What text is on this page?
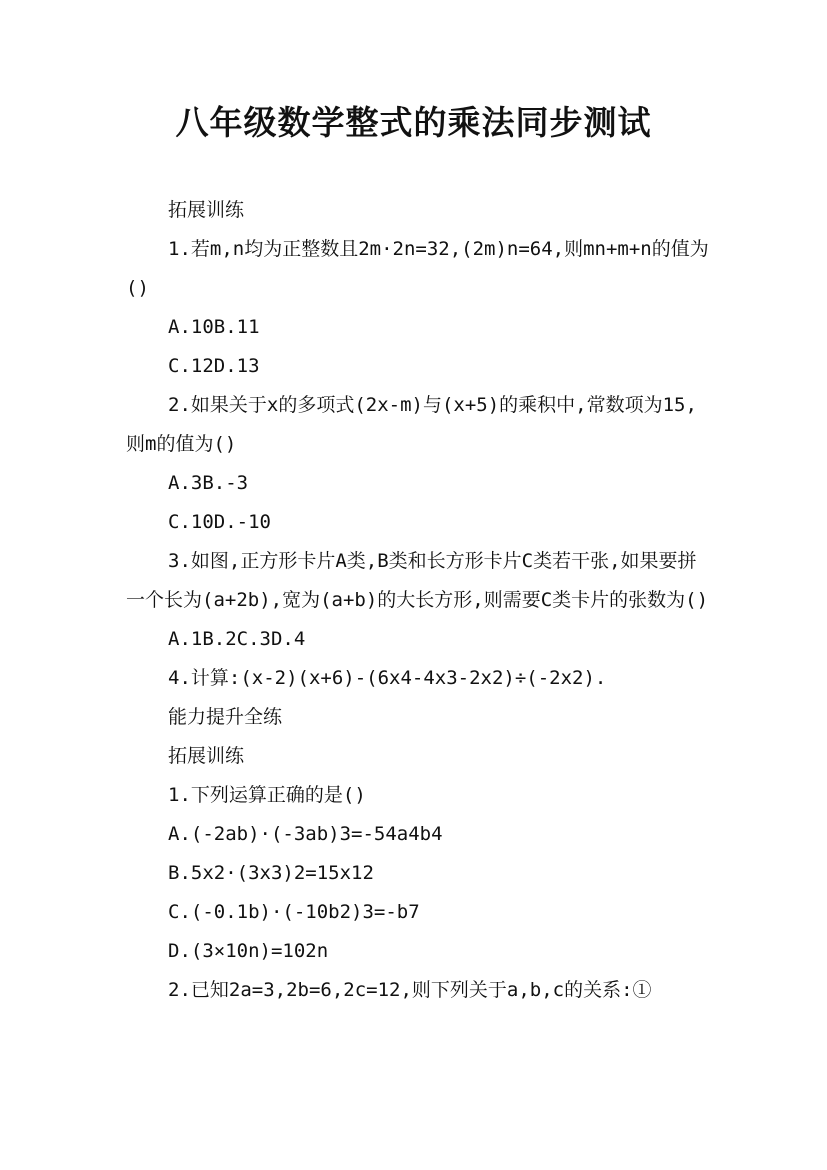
八年级数学整式的乘法同步测试

拓展训练

1.若m,n均为正整数且2m·2n=32,(2m)n=64,则mn+m+n的值为()

A.10B.11

C.12D.13

2.如果关于x的多项式(2x-m)与(x+5)的乘积中,常数项为15,则m的值为()

A.3B.-3

C.10D.-10

3.如图,正方形卡片A类,B类和长方形卡片C类若干张,如果要拼一个长为(a+2b),宽为(a+b)的大长方形,则需要C类卡片的张数为()

A.1B.2C.3D.4

4.计算:(x-2)(x+6)-(6x4-4x3-2x2)÷(-2x2).

能力提升全练

拓展训练

1.下列运算正确的是()

A.(-2ab)·(-3ab)3=-54a4b4

B.5x2·(3x3)2=15x12

C.(-0.1b)·(-10b2)3=-b7

D.(3×10n)=102n

2.已知2a=3,2b=6,2c=12,则下列关于a,b,c的关系:①
